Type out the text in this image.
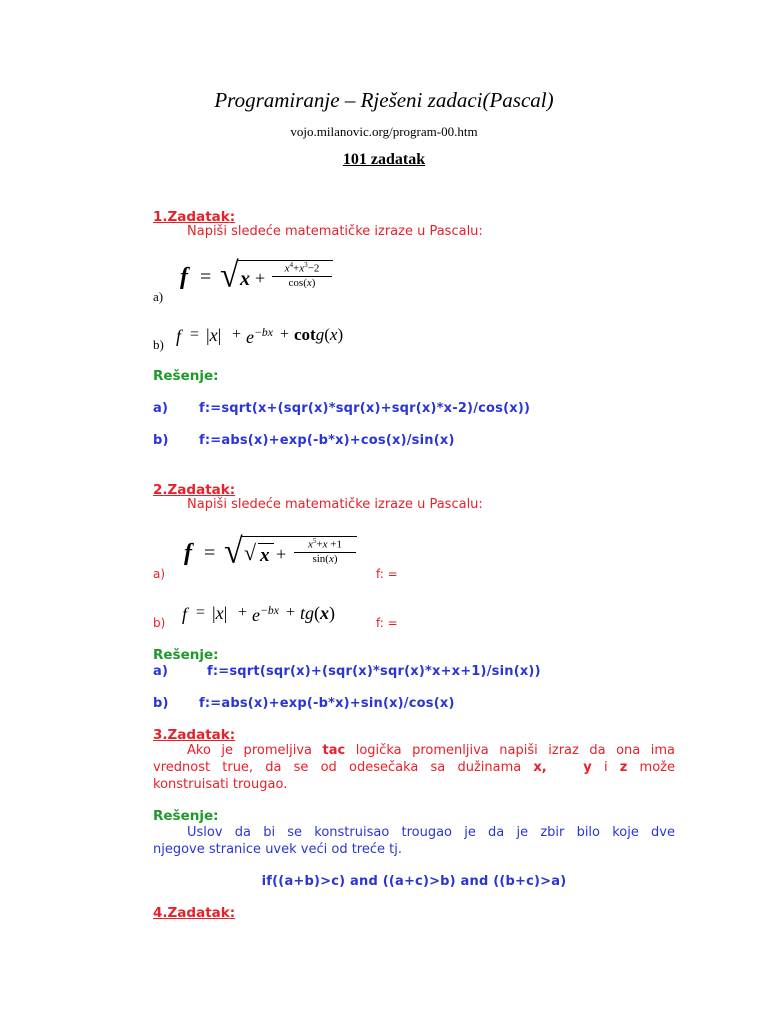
Programiranje – Rješeni zadaci(Pascal)
vojo.milanovic.org/program-00.htm
101 zadatak
1.Zadatak:
Napiši sledeće matematičke izraze u Pascalu:
a)
f = √ x +	$x^4+x^3-2$
cos(x)
b) $f = |x| + e^{-bx} + \cot g(x)$
Rešenje:
a) f:=sqrt(x+(sqr(x)*sqr(x)+sqr(x)*x-2)/cos(x))
b) f:=abs(x)+exp(-b*x)+cos(x)/sin(x)
2.Zadatak:
Napiši sledeće matematičke izraze u Pascalu:
a)
f = √ √ x +	$x^5+x +1$
sin(x)
f: =
b) $f = |x| + e^{-bx} + tg(x)$	f: =
Rešenje:
a)	f:=sqrt(sqr(x)+(sqr(x)*sqr(x)*x+x+1)/sin(x))
b) f:=abs(x)+exp(-b*x)+sin(x)/cos(x)
3.Zadatak:
Ako je promeljiva tac logička promenljiva napiši izraz da ona ima
vrednost true, da se od odesečaka sa dužinama x,	y i z može
konstruisati trougao.
Rešenje:
Uslov da bi se konstruisao trougao je da je zbir bilo koje dve
njegove stranice uvek veći od treće tj.
if((a+b)>c) and ((a+c)>b) and ((b+c)>a)
4.Zadatak:
